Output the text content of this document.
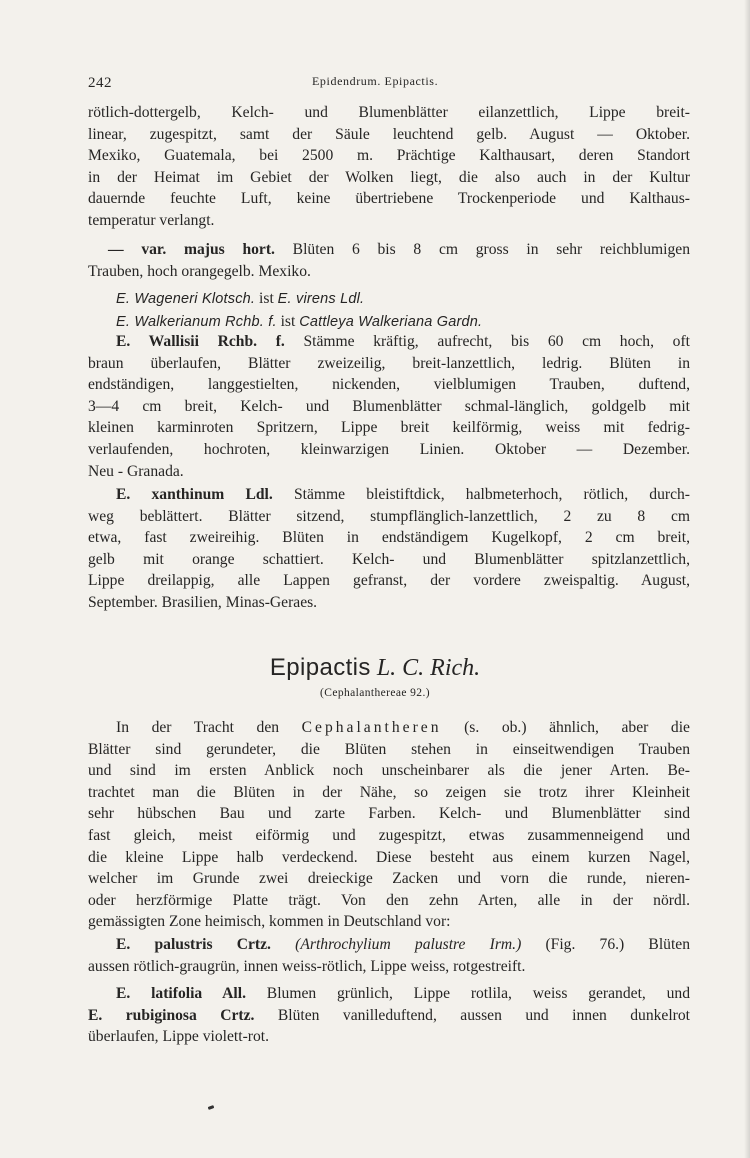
242	Epidendrum. Epipactis.
rötlich-dottergelb, Kelch- und Blumenblätter eilanzettlich, Lippe breit-
linear, zugespitzt, samt der Säule leuchtend gelb. August — Oktober.
Mexiko, Guatemala, bei 2500 m. Prächtige Kalthausart, deren Standort
in der Heimat im Gebiet der Wolken liegt, die also auch in der Kultur
dauernde feuchte Luft, keine übertriebene Trockenperiode und Kalthaus-
temperatur verlangt.
— var. majus hort. Blüten 6 bis 8 cm gross in sehr reichblumigen
Trauben, hoch orangegelb. Mexiko.
E. Wageneri Klotsch. ist E. virens Ldl.
E. Walkerianum Rchb. f. ist Cattleya Walkeriana Gardn.
E. Wallisii Rchb. f. Stämme kräftig, aufrecht, bis 60 cm hoch, oft
braun überlaufen, Blätter zweizeilig, breit-lanzettlich, ledrig. Blüten in
endständigen, langgestielten, nickenden, vielblumigen Trauben, duftend,
3—4 cm breit, Kelch- und Blumenblätter schmal-länglich, goldgelb mit
kleinen karminroten Spritzern, Lippe breit keilförmig, weiss mit fedrig-
verlaufenden, hochroten, kleinwarzigen Linien. Oktober — Dezember.
Neu - Granada.
E. xanthinum Ldl. Stämme bleistiftdick, halbmeterhoch, rötlich, durch-
weg beblättert. Blätter sitzend, stumpflänglich-lanzettlich, 2 zu 8 cm
etwa, fast zweireihig. Blüten in endständigem Kugelkopf, 2 cm breit,
gelb mit orange schattiert. Kelch- und Blumenblätter spitzlanzettlich,
Lippe dreilappig, alle Lappen gefranst, der vordere zweispaltig. August,
September. Brasilien, Minas-Geraes.
Epipactis L. C. Rich.
(Cephalanthereae 92.)
In der Tracht den Cephalantheren (s. ob.) ähnlich, aber die
Blätter sind gerundeter, die Blüten stehen in einseitwendigen Trauben
und sind im ersten Anblick noch unscheinbarer als die jener Arten. Be-
trachtet man die Blüten in der Nähe, so zeigen sie trotz ihrer Kleinheit
sehr hübschen Bau und zarte Farben. Kelch- und Blumenblätter sind
fast gleich, meist eiförmig und zugespitzt, etwas zusammenneigend und
die kleine Lippe halb verdeckend. Diese besteht aus einem kurzen Nagel,
welcher im Grunde zwei dreieckige Zacken und vorn die runde, nieren-
oder herzförmige Platte trägt. Von den zehn Arten, alle in der nördl.
gemässigten Zone heimisch, kommen in Deutschland vor:
E. palustris Crtz. (Arthrochylium palustre Irm.) (Fig. 76.) Blüten
aussen rötlich-graugrün, innen weiss-rötlich, Lippe weiss, rotgestreift.
E. latifolia All. Blumen grünlich, Lippe rotlila, weiss gerandet, und
E. rubiginosa Crtz. Blüten vanilleduftend, aussen und innen dunkelrot
überlaufen, Lippe violett-rot.
